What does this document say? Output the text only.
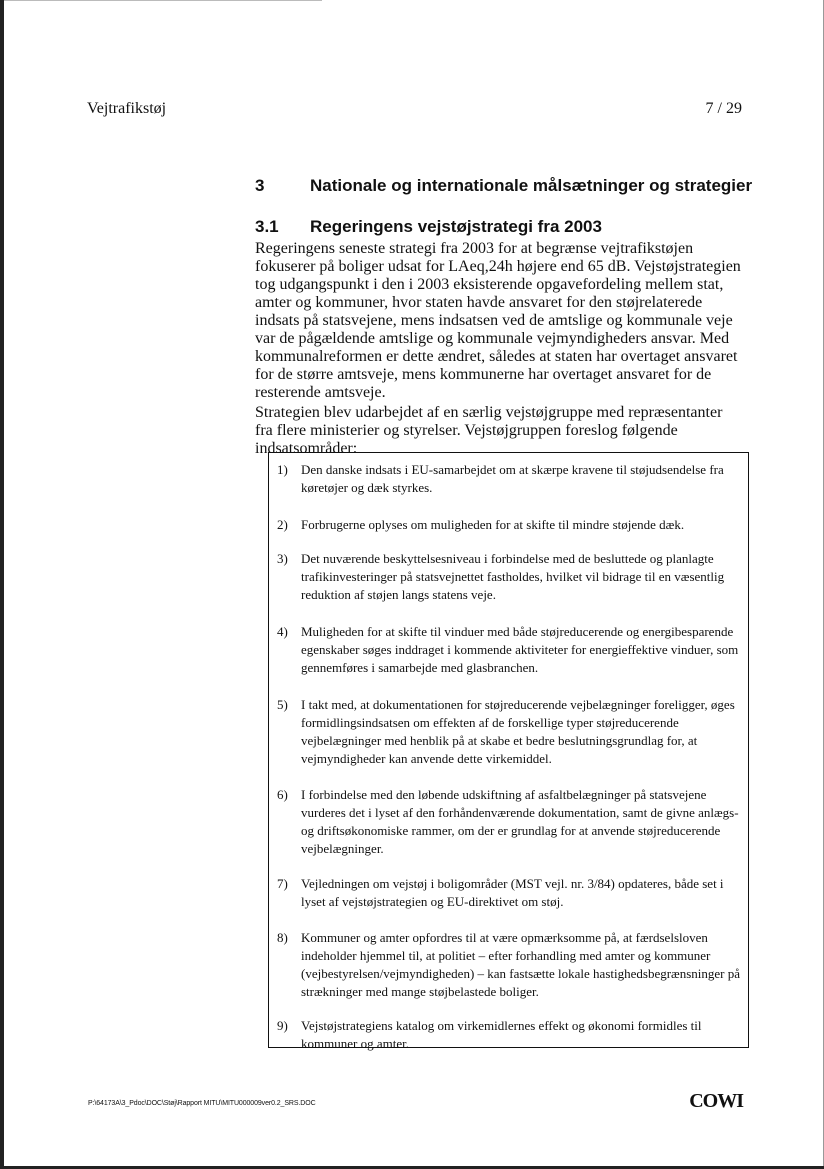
Vejtrafikstøj	7 / 29
3	Nationale og internationale målsætninger og strategier
3.1 Regeringens vejstøjstrategi fra 2003
Regeringens seneste strategi fra 2003 for at begrænse vejtrafikstøjen fokuserer på boliger udsat for LAeq,24h højere end 65 dB. Vejstøjstrategien tog udgangspunkt i den i 2003 eksisterende opgavefordeling mellem stat, amter og kommuner, hvor staten havde ansvaret for den støjrelaterede indsats på statsvejene, mens indsatsen ved de amtslige og kommunale veje var de pågældende amtslige og kommunale vejmyndigheders ansvar. Med kommunalreformen er dette ændret, således at staten har overtaget ansvaret for de større amtsveje, mens kommunerne har overtaget ansvaret for de resterende amtsveje.
Strategien blev udarbejdet af en særlig vejstøjgruppe med repræsentanter fra flere ministerier og styrelser. Vejstøjgruppen foreslog følgende indsatsområder:
1) Den danske indsats i EU-samarbejdet om at skærpe kravene til støjudsendelse fra køretøjer og dæk styrkes.
2) Forbrugerne oplyses om muligheden for at skifte til mindre støjende dæk.
3) Det nuværende beskyttelsesniveau i forbindelse med de besluttede og planlagte trafikinvesteringer på statsvejnettet fastholdes, hvilket vil bidrage til en væsentlig reduktion af støjen langs statens veje.
4) Muligheden for at skifte til vinduer med både støjreducerende og energibesparende egenskaber søges inddraget i kommende aktiviteter for energieffektive vinduer, som gennemføres i samarbejde med glasbranchen.
5) I takt med, at dokumentationen for støjreducerende vejbelægninger foreligger, øges formidlingsindsatsen om effekten af de forskellige typer støjreducerende vejbelægninger med henblik på at skabe et bedre beslutningsgrundlag for, at vejmyndigheder kan anvende dette virkemiddel.
6) I forbindelse med den løbende udskiftning af asfaltbelægninger på statsvejene vurderes det i lyset af den forhåndenværende dokumentation, samt de givne anlægs- og driftsøkonomiske rammer, om der er grundlag for at anvende støjreducerende vejbelægninger.
7) Vejledningen om vejstøj i boligområder (MST vejl. nr. 3/84) opdateres, både set i lyset af vejstøjstrategien og EU-direktivet om støj.
8) Kommuner og amter opfordres til at være opmærksomme på, at færdselsloven indeholder hjemmel til, at politiet – efter forhandling med amter og kommuner (vejbestyrelsen/vejmyndigheden) – kan fastsætte lokale hastighedsbegrænsninger på strækninger med mange støjbelastede boliger.
9) Vejstøjstrategiens katalog om virkemidlernes effekt og økonomi formidles til kommuner og amter.
P:\64173A\3_Pdoc\DOC\Støj\Rapport MITU\MITU000009ver0.2_SRS.DOC	COWI
